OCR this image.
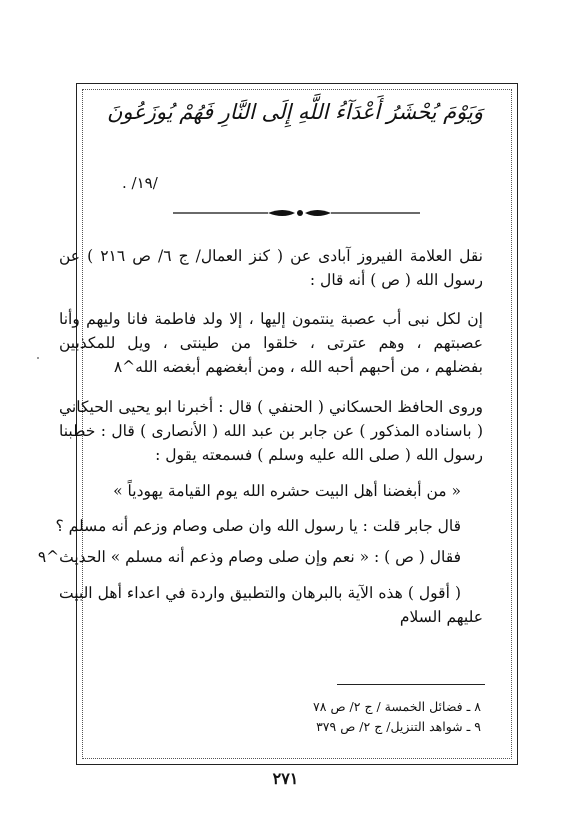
وَيَوْمَ يُحْشَرُ أَعْدَآءُ اللَّهِ إِلَى النَّارِ فَهُمْ يُوزَعُونَ
/١٩/ .
نقل العلامة الفيروز آبادى عن ( كنز العمال/ ج ٦/ ص ٢١٦ ) عن
رسول الله ( ص ) أنه قال :
إن لكل نبى أب عصبة ينتمون إليها ، إلا ولد فاطمة فانا وليهم وأنا
عصبتهم ، وهم عترتى ، خلقوا من طينتى ، ويل للمكذبين
بفضلهم ، من أحبهم أحبه الله ، ومن أبغضهم أبغضه الله^٨
وروى الحافظ الحسكاني ( الحنفي ) قال : أخبرنا ابو يحيى الحيكاني
( باسناده المذكور ) عن جابر بن عبد الله ( الأنصارى ) قال : خطبنا
رسول الله ( صلى الله عليه وسلم ) فسمعته يقول :
« من أبغضنا أهل البيت حشره الله يوم القيامة يهودياً »
قال جابر قلت : يا رسول الله وان صلى وصام وزعم أنه مسلم ؟
فقال ( ص ) : « نعم وإن صلى وصام وذعم أنه مسلم » الحديث^٩
( أقول ) هذه الآية بالبرهان والتطبيق واردة في اعداء أهل البيت
عليهم السلام
٨ ـ فضائل الخمسة / ج ٢/ ص ٧٨
٩ ـ شواهد التنزيل/ ج ٢/ ص ٣٧٩
٢٧١
